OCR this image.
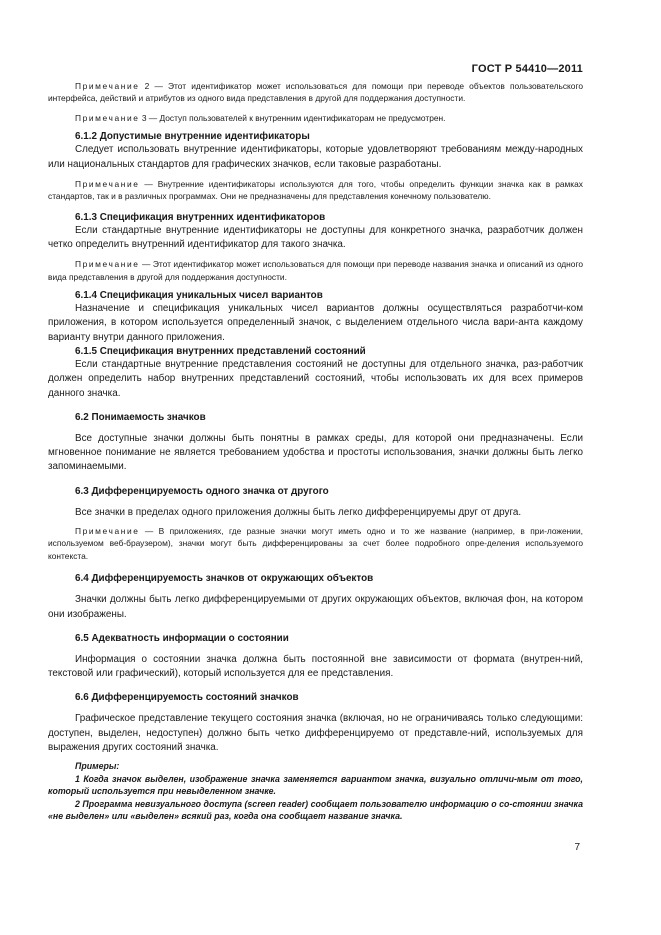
ГОСТ Р 54410—2011

Примечание 2 — Этот идентификатор может использоваться для помощи при переводе объектов пользовательского интерфейса, действий и атрибутов из одного вида представления в другой для поддержания доступности.

Примечание 3 — Доступ пользователей к внутренним идентификаторам не предусмотрен.

6.1.2 Допустимые внутренние идентификаторы

Следует использовать внутренние идентификаторы, которые удовлетворяют требованиям между-народных или национальных стандартов для графических значков, если таковые разработаны.

Примечание — Внутренние идентификаторы используются для того, чтобы определить функции значка как в рамках стандартов, так и в различных программах. Они не предназначены для представления конечному пользователю.

6.1.3 Спецификация внутренних идентификаторов

Если стандартные внутренние идентификаторы не доступны для конкретного значка, разработчик должен четко определить внутренний идентификатор для такого значка.

Примечание — Этот идентификатор может использоваться для помощи при переводе названия значка и описаний из одного вида представления в другой для поддержания доступности.

6.1.4 Спецификация уникальных чисел вариантов

Назначение и спецификация уникальных чисел вариантов должны осуществляться разработчи-ком приложения, в котором используется определенный значок, с выделением отдельного числа вари-анта каждому варианту внутри данного приложения.

6.1.5 Спецификация внутренних представлений состояний

Если стандартные внутренние представления состояний не доступны для отдельного значка, раз-работчик должен определить набор внутренних представлений состояний, чтобы использовать их для всех примеров данного значка.

6.2 Понимаемость значков

Все доступные значки должны быть понятны в рамках среды, для которой они предназначены. Если мгновенное понимание не является требованием удобства и простоты использования, значки должны быть легко запоминаемыми.

6.3 Дифференцируемость одного значка от другого

Все значки в пределах одного приложения должны быть легко дифференцируемы друг от друга.

Примечание — В приложениях, где разные значки могут иметь одно и то же название (например, в при-ложении, используемом веб-браузером), значки могут быть дифференцированы за счет более подробного опре-деления используемого контекста.

6.4 Дифференцируемость значков от окружающих объектов

Значки должны быть легко дифференцируемыми от других окружающих объектов, включая фон, на котором они изображены.

6.5 Адекватность информации о состоянии

Информация о состоянии значка должна быть постоянной вне зависимости от формата (внутрен-ний, текстовой или графический), который используется для ее представления.

6.6 Дифференцируемость состояний значков

Графическое представление текущего состояния значка (включая, но не ограничиваясь только следующими: доступен, выделен, недоступен) должно быть четко дифференцируемо от представле-ний, используемых для выражения других состояний значка.

Примеры:

1 Когда значок выделен, изображение значка заменяется вариантом значка, визуально отличи-мым от того, который используется при невыделенном значке.

2 Программа невизуального доступа (screen reader) сообщает пользователю информацию о со-стоянии значка «не выделен» или «выделен» всякий раз, когда она сообщает название значка.

7
